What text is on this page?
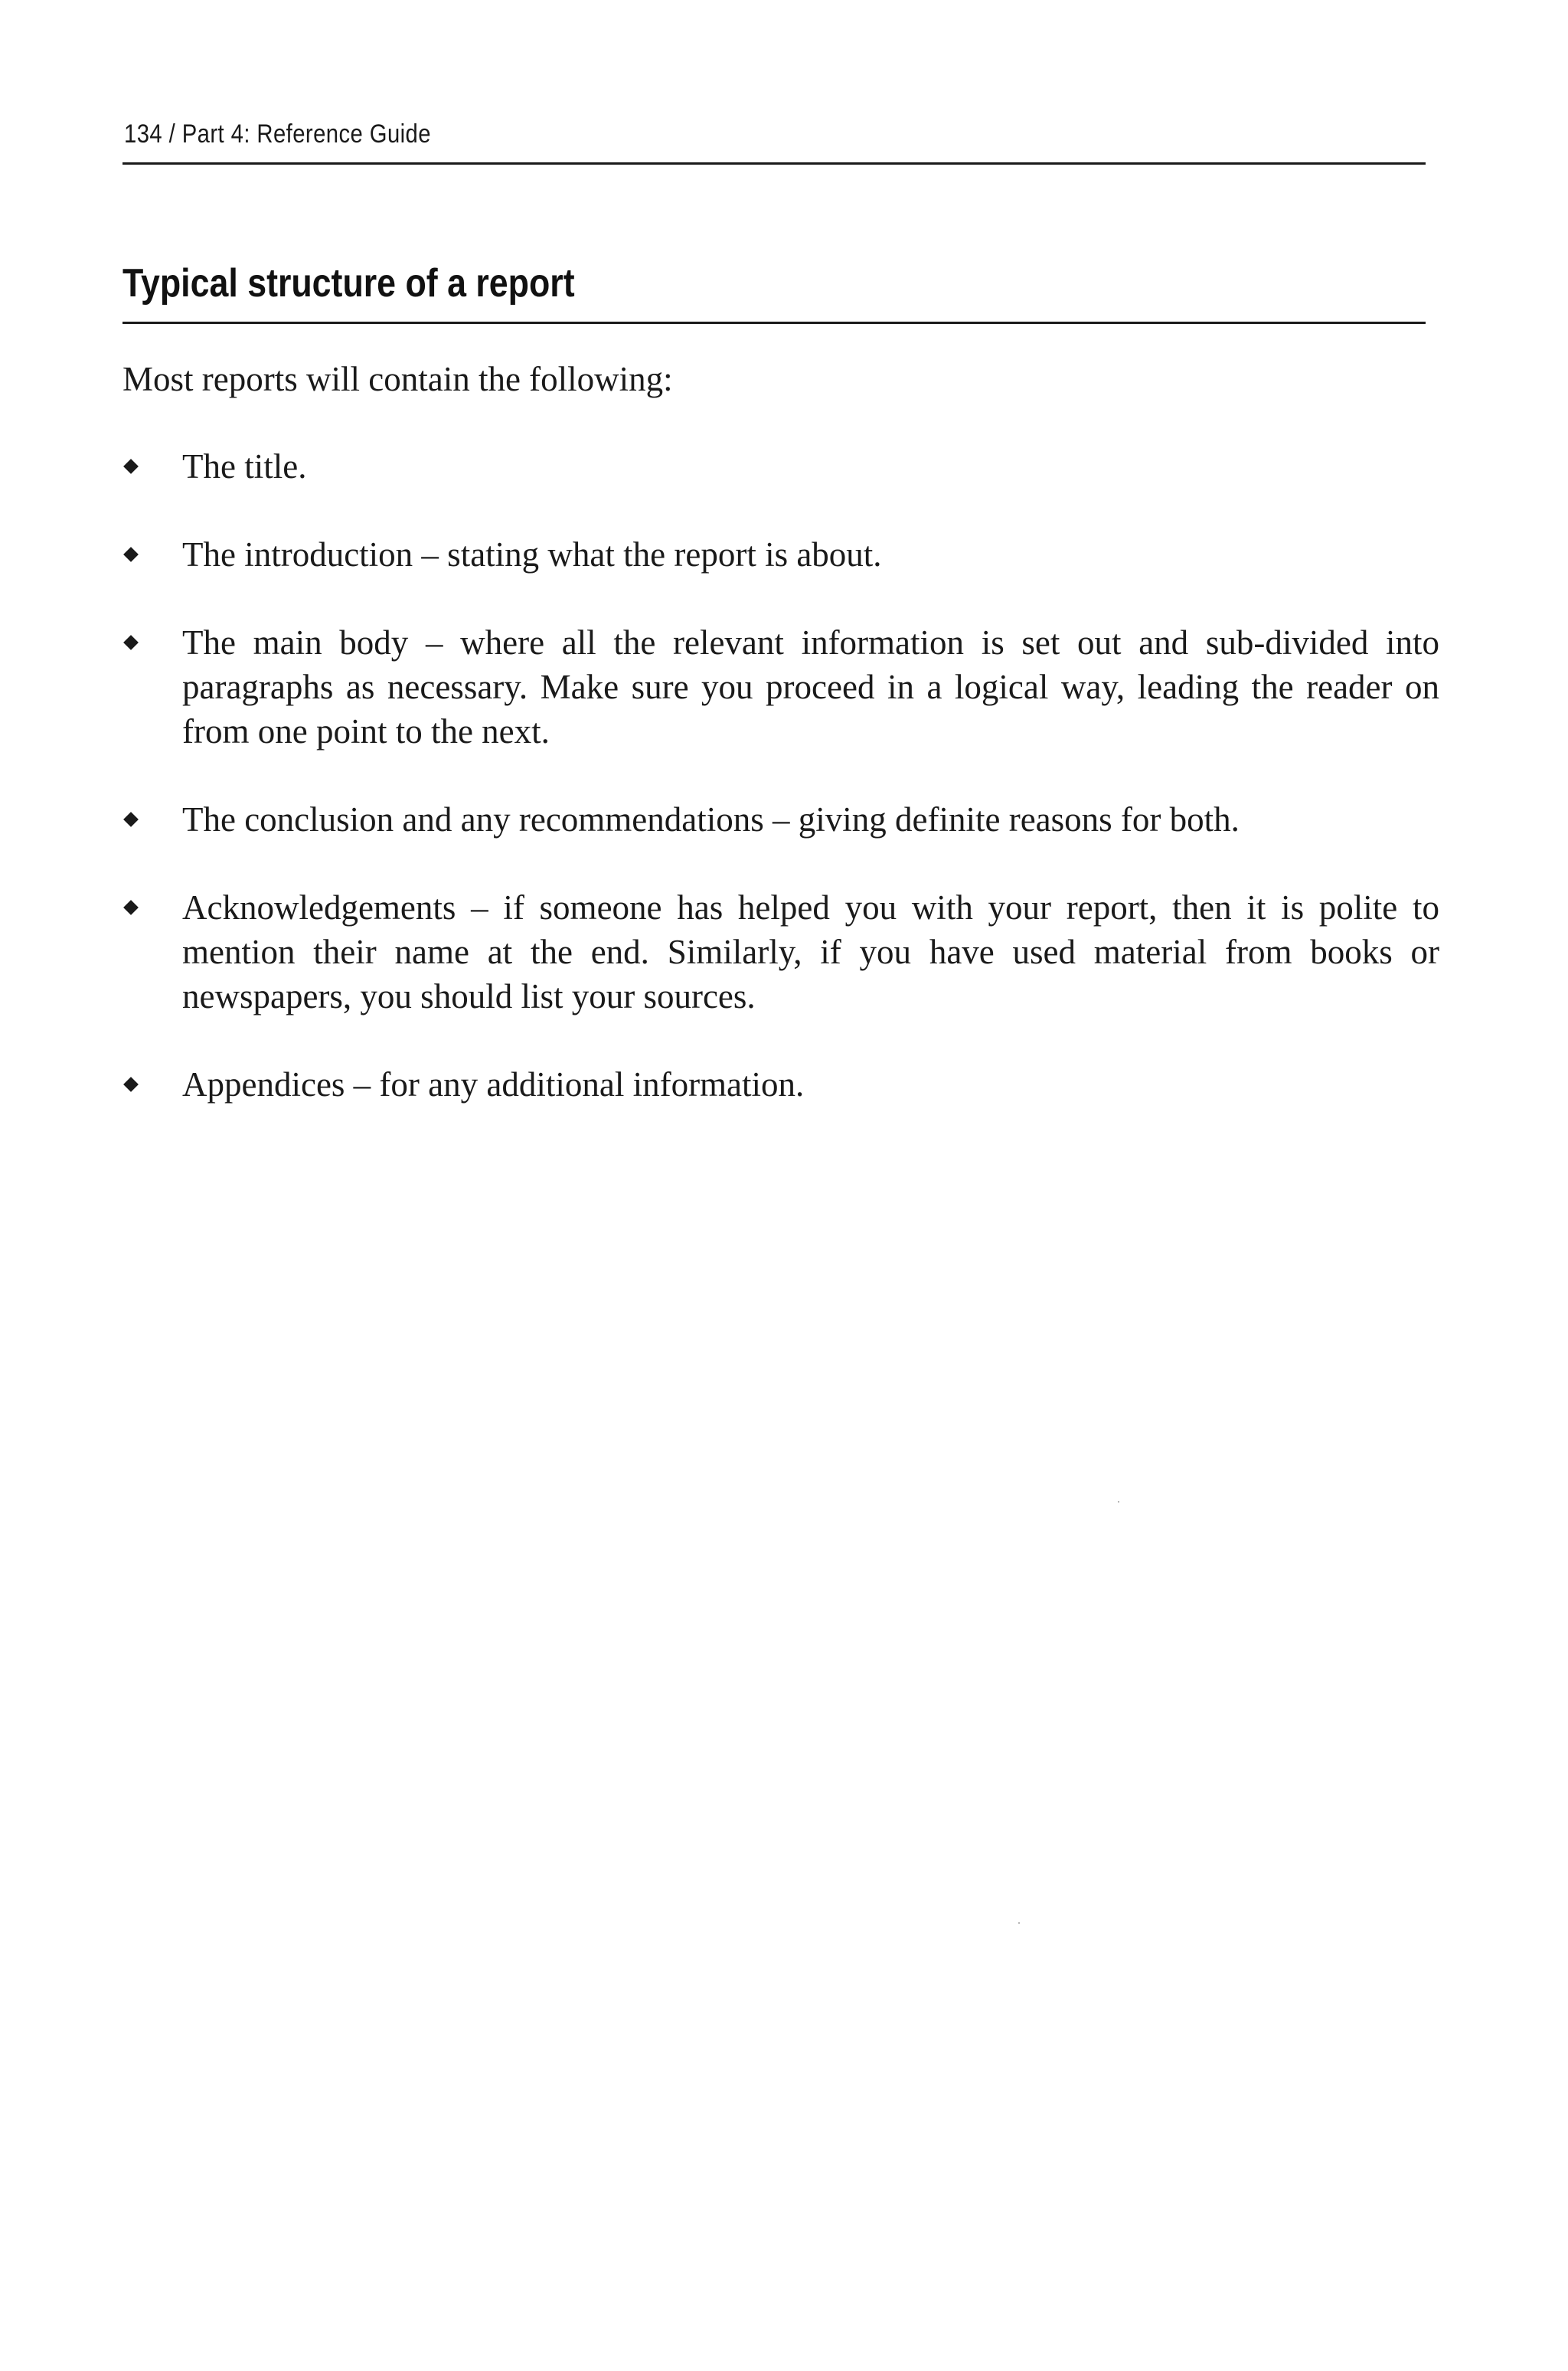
134 / Part 4: Reference Guide
Typical structure of a report
Most reports will contain the following:
The title.
The introduction – stating what the report is about.
The main body – where all the relevant information is set out and sub-divided into paragraphs as necessary. Make sure you proceed in a logical way, leading the reader on from one point to the next.
The conclusion and any recommendations – giving definite reasons for both.
Acknowledgements – if someone has helped you with your report, then it is polite to mention their name at the end. Similarly, if you have used material from books or newspapers, you should list your sources.
Appendices – for any additional information.
